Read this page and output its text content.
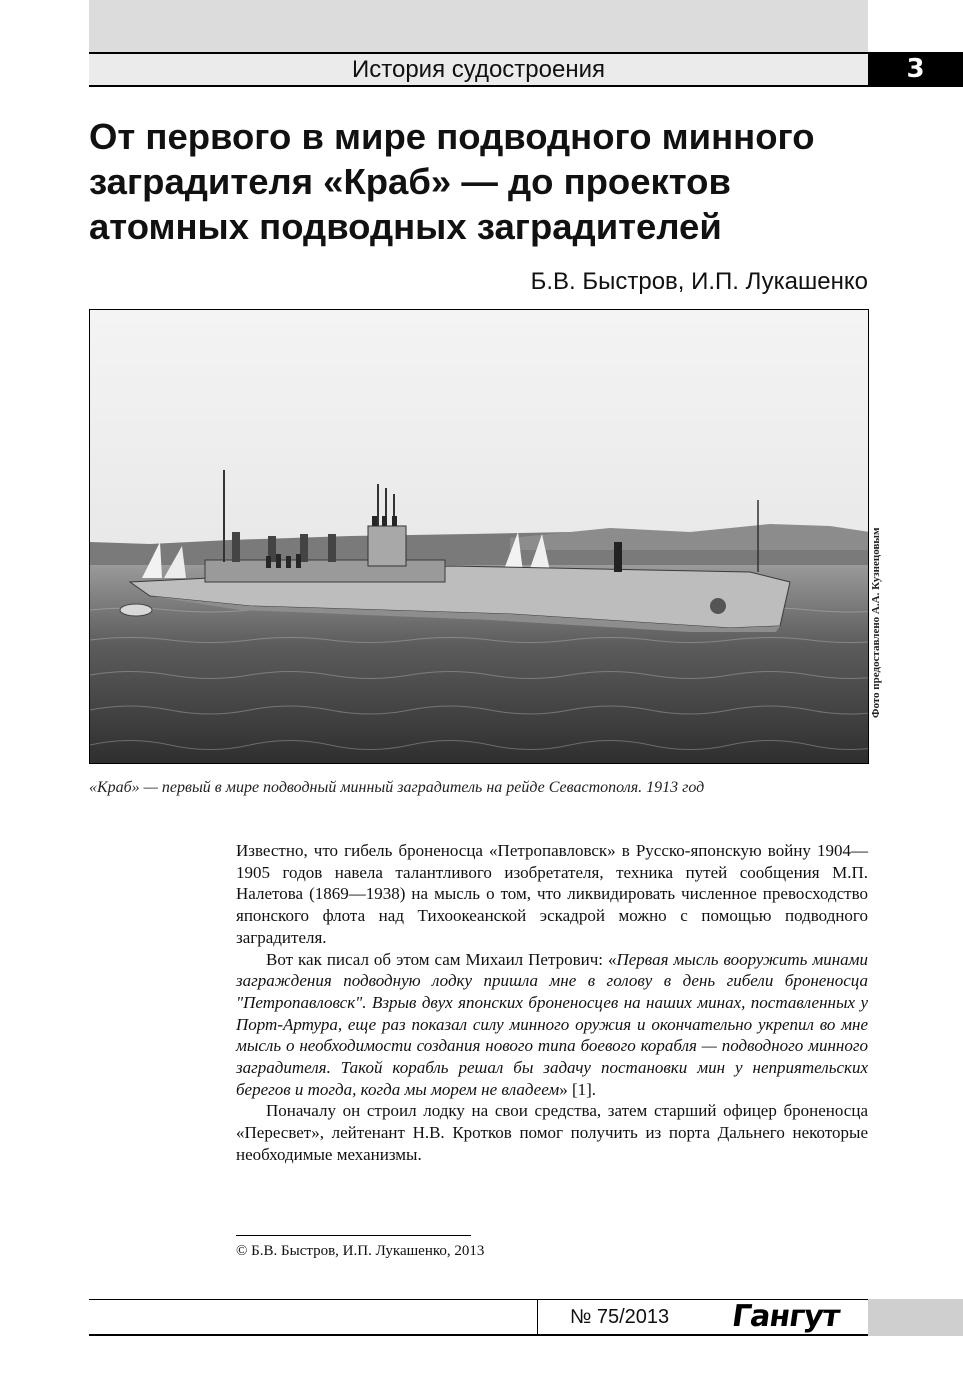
История судостроения	3
От первого в мире подводного минного заградителя «Краб» — до проектов атомных подводных заградителей
Б.В. Быстров, И.П. Лукашенко
Фото предоставлено А.А. Кузнецовым
«Краб» — первый в мире подводный минный заградитель на рейде Севастополя. 1913 год

Известно, что гибель броненосца «Петропавловск» в Русско-японскую войну 1904—1905 годов навела талантливого изобретателя, техника путей сообщения М.П. Налетова (1869—1938) на мысль о том, что ликвидировать численное превосходство японского флота над Тихоокеанской эскадрой можно с помощью подводного заградителя.

Вот как писал об этом сам Михаил Петрович: «Первая мысль вооружить минами заграждения подводную лодку пришла мне в голову в день гибели броненосца "Петропавловск". Взрыв двух японских броненосцев на наших минах, поставленных у Порт-Артура, еще раз показал силу минного оружия и окончательно укрепил во мне мысль о необходимости создания нового типа боевого корабля — подводного минного заградителя. Такой корабль решал бы задачу постановки мин у неприятельских берегов и тогда, когда мы морем не владеем» [1].

Поначалу он строил лодку на свои средства, затем старший офицер броненосца «Пересвет», лейтенант Н.В. Кротков помог получить из порта Дальнего некоторые необходимые механизмы.

© Б.В. Быстров, И.П. Лукашенко, 2013
№ 75/2013	Гангут
